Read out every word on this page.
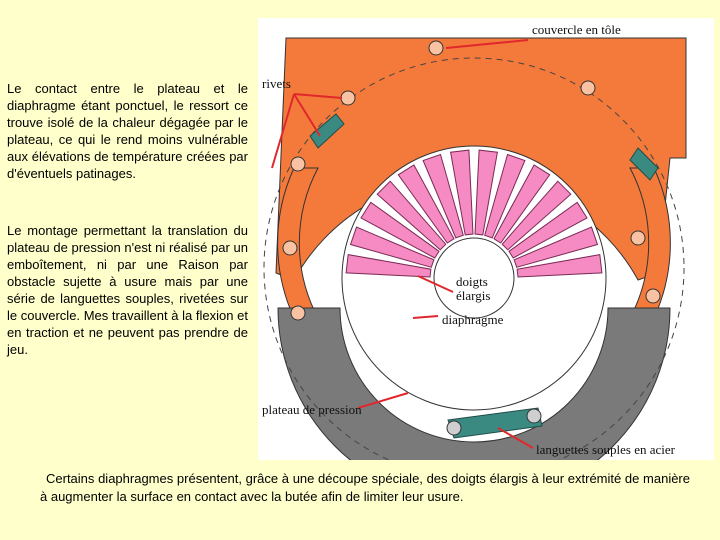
Le contact entre le plateau et le diaphragme étant ponctuel, le ressort ce trouve isolé de la chaleur dégagée par le plateau, ce qui le rend moins vulnérable aux élévations de température créées par d'éventuels patinages.
Le montage permettant la translation du plateau de pression n'est ni réalisé par un emboîtement, ni par une Raison par obstacle sujette à usure mais par une série de languettes souples, rivetées sur le couvercle. Mes travaillent à la flexion et en traction et ne peuvent pas prendre de jeu.
couvercle en tôle
rivets
doigts
élargis
diaphragme
plateau de pression
languettes souples en acier
Certains diaphragmes présentent, grâce à une découpe spéciale, des doigts élargis à leur extrémité de manière à augmenter la surface en contact avec la butée afin de limiter leur usure.
